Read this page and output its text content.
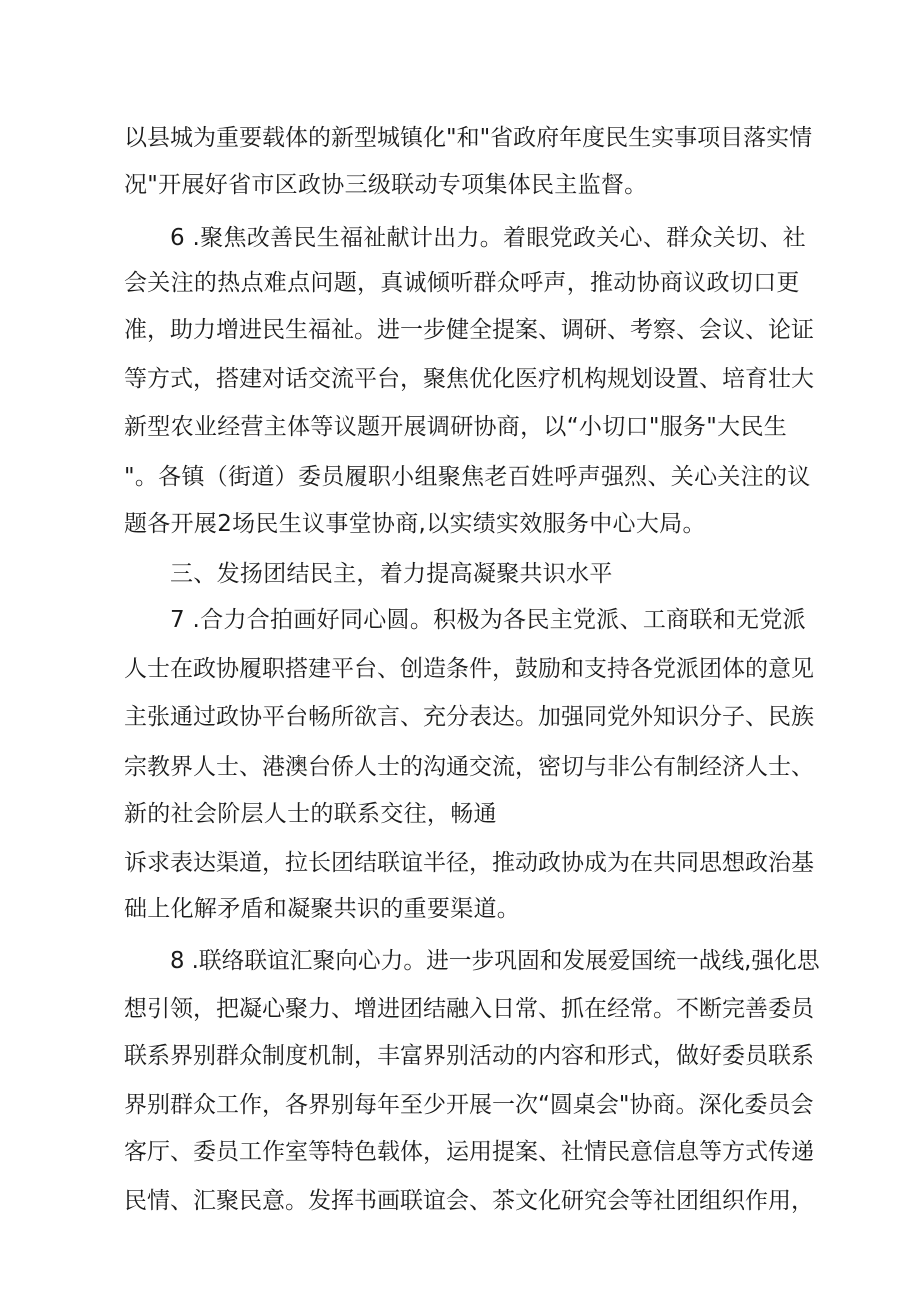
以县城为重要载体的新型城镇化"和"省政府年度民生实事项目落实情
况"开展好省市区政协三级联动专项集体民主监督。
6 .聚焦改善民生福祉献计出力。着眼党政关心、群众关切、社
会关注的热点难点问题，真诚倾听群众呼声，推动协商议政切口更
准，助力增进民生福祉。进一步健全提案、调研、考察、会议、论证
等方式，搭建对话交流平台，聚焦优化医疗机构规划设置、培育壮大
新型农业经营主体等议题开展调研协商，以“小切口"服务"大民生
"。各镇（街道）委员履职小组聚焦老百姓呼声强烈、关心关注的议
题各开展2场民生议事堂协商,以实绩实效服务中心大局。
三、发扬团结民主，着力提高凝聚共识水平
7 .合力合拍画好同心圆。积极为各民主党派、工商联和无党派
人士在政协履职搭建平台、创造条件，鼓励和支持各党派团体的意见
主张通过政协平台畅所欲言、充分表达。加强同党外知识分子、民族
宗教界人士、港澳台侨人士的沟通交流，密切与非公有制经济人士、
新的社会阶层人士的联系交往，畅通
诉求表达渠道，拉长团结联谊半径，推动政协成为在共同思想政治基
础上化解矛盾和凝聚共识的重要渠道。
8 .联络联谊汇聚向心力。进一步巩固和发展爱国统一战线,强化思
想引领，把凝心聚力、增进团结融入日常、抓在经常。不断完善委员
联系界别群众制度机制，丰富界别活动的内容和形式，做好委员联系
界别群众工作，各界别每年至少开展一次“圆桌会"协商。深化委员会
客厅、委员工作室等特色载体，运用提案、社情民意信息等方式传递
民情、汇聚民意。发挥书画联谊会、茶文化研究会等社团组织作用，
